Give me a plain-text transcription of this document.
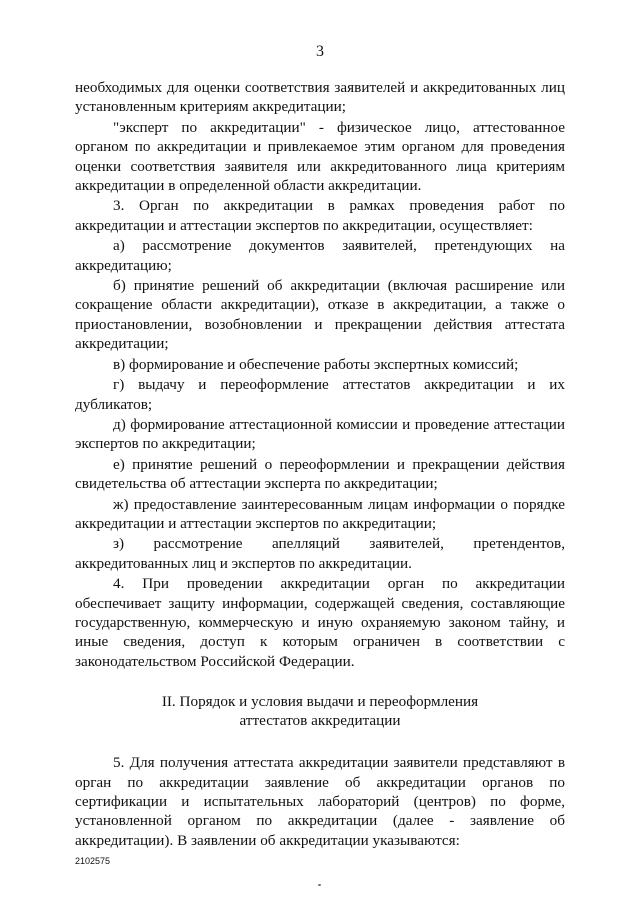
3

необходимых для оценки соответствия заявителей и аккредитованных лиц установленным критериям аккредитации;

"эксперт по аккредитации" - физическое лицо, аттестованное органом по аккредитации и привлекаемое этим органом для проведения оценки соответствия заявителя или аккредитованного лица критериям аккредитации в определенной области аккредитации.

3. Орган по аккредитации в рамках проведения работ по аккредитации и аттестации экспертов по аккредитации, осуществляет:

а) рассмотрение документов заявителей, претендующих на аккредитацию;

б) принятие решений об аккредитации (включая расширение или сокращение области аккредитации), отказе в аккредитации, а также о приостановлении, возобновлении и прекращении действия аттестата аккредитации;

в) формирование и обеспечение работы экспертных комиссий;

г) выдачу и переоформление аттестатов аккредитации и их дубликатов;

д) формирование аттестационной комиссии и проведение аттестации экспертов по аккредитации;

е) принятие решений о переоформлении и прекращении действия свидетельства об аттестации эксперта по аккредитации;

ж) предоставление заинтересованным лицам информации о порядке аккредитации и аттестации экспертов по аккредитации;

з) рассмотрение апелляций заявителей, претендентов, аккредитованных лиц и экспертов по аккредитации.

4. При проведении аккредитации орган по аккредитации обеспечивает защиту информации, содержащей сведения, составляющие государственную, коммерческую и иную охраняемую законом тайну, и иные сведения, доступ к которым ограничен в соответствии с законодательством Российской Федерации.

II. Порядок и условия выдачи и переоформления
аттестатов аккредитации

5. Для получения аттестата аккредитации заявители представляют в орган по аккредитации заявление об аккредитации органов по сертификации и испытательных лабораторий (центров) по форме, установленной органом по аккредитации (далее - заявление об аккредитации). В заявлении об аккредитации указываются:

2102575
